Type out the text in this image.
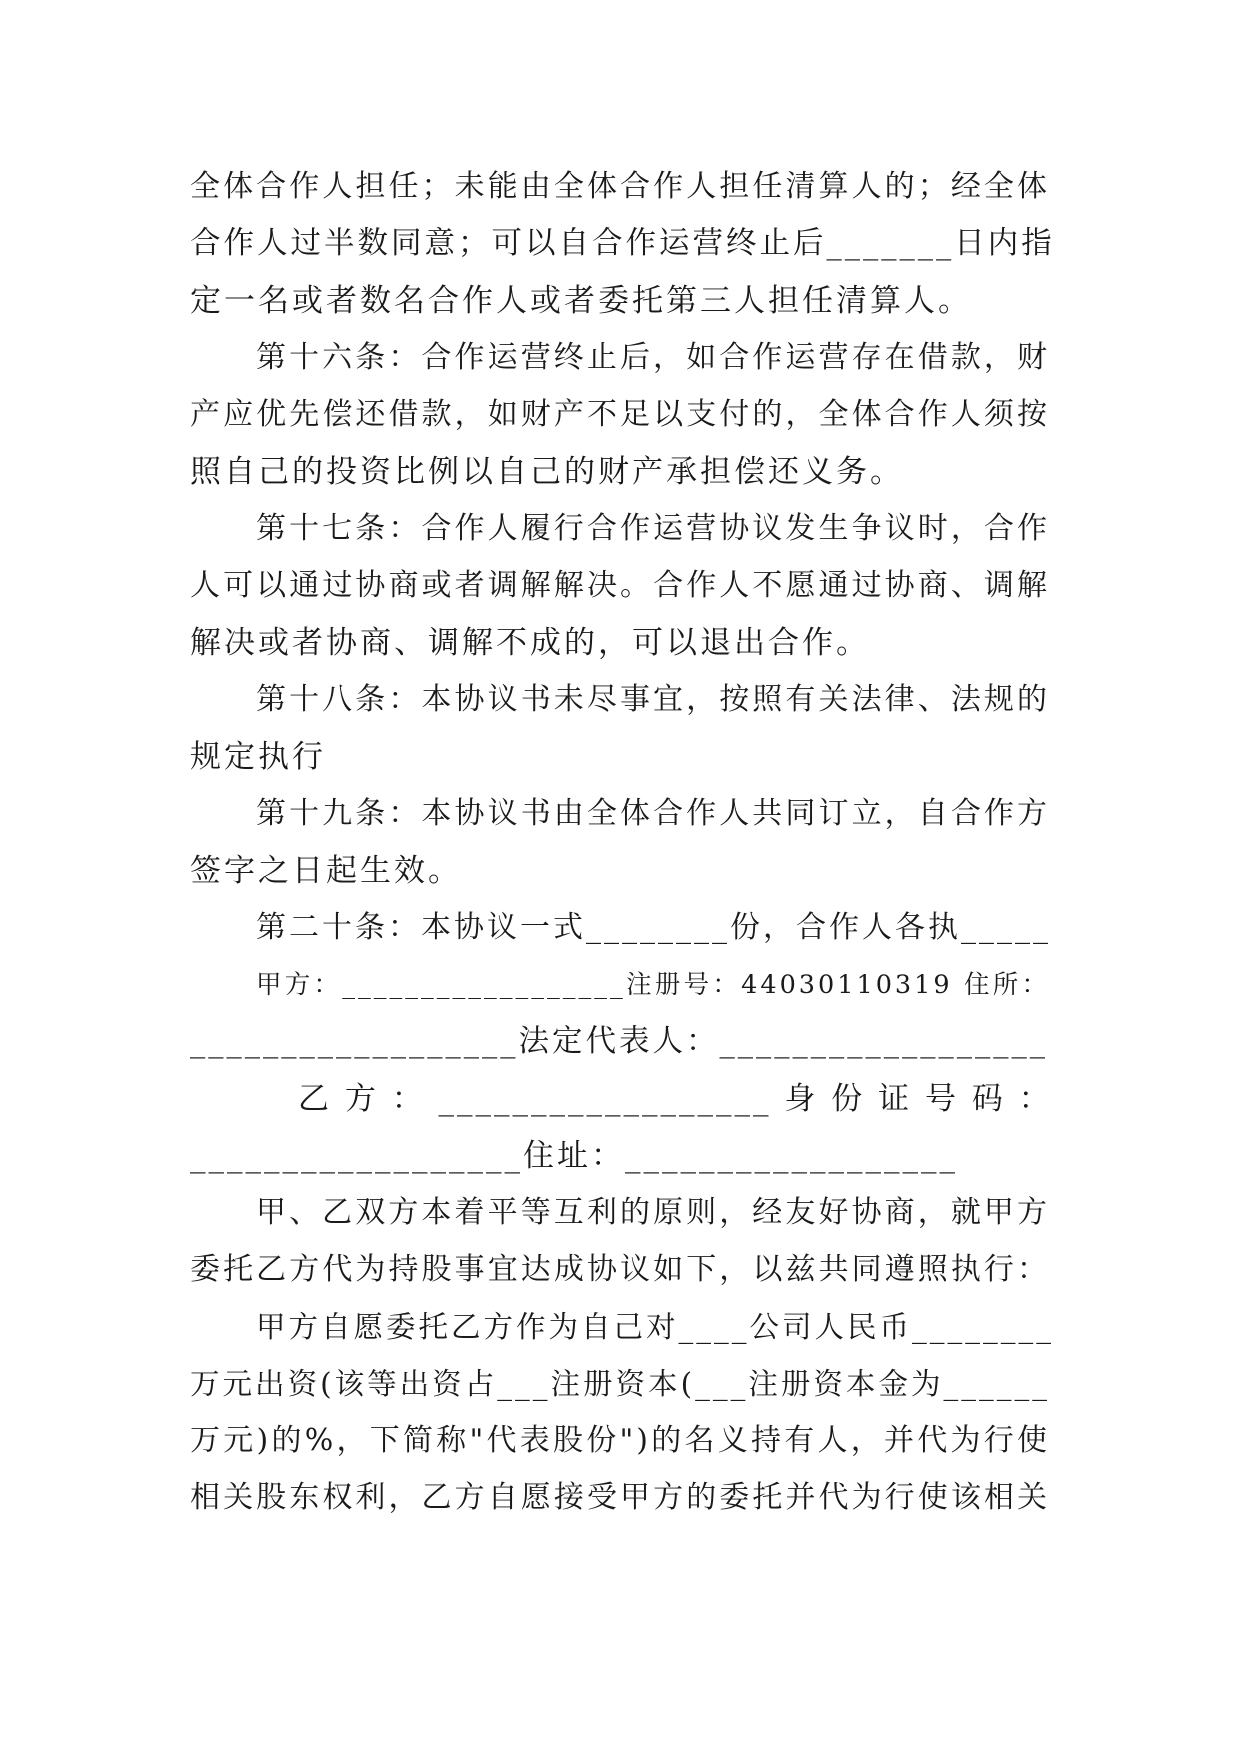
全体合作人担任；未能由全体合作人担任清算人的；经全体
合作人过半数同意；可以自合作运营终止后_______日内指
定一名或者数名合作人或者委托第三人担任清算人。
第十六条：合作运营终止后，如合作运营存在借款，财
产应优先偿还借款，如财产不足以支付的，全体合作人须按
照自己的投资比例以自己的财产承担偿还义务。
第十七条：合作人履行合作运营协议发生争议时，合作
人可以通过协商或者调解解决。合作人不愿通过协商、调解
解决或者协商、调解不成的，可以退出合作。
第十八条：本协议书未尽事宜，按照有关法律、法规的
规定执行
第十九条：本协议书由全体合作人共同订立，自合作方
签字之日起生效。
第二十条：本协议一式________份，合作人各执_____
甲方：__________________注册号：44030110319 住所：
__________________法定代表人：__________________
乙 方 ： __________________ 身 份 证 号 码 ：
__________________住址：__________________
甲、乙双方本着平等互利的原则，经友好协商，就甲方
委托乙方代为持股事宜达成协议如下，以兹共同遵照执行：
甲方自愿委托乙方作为自己对____公司人民币________
万元出资(该等出资占___注册资本(___注册资本金为______
万元)的%，下简称"代表股份")的名义持有人，并代为行使
相关股东权利，乙方自愿接受甲方的委托并代为行使该相关
